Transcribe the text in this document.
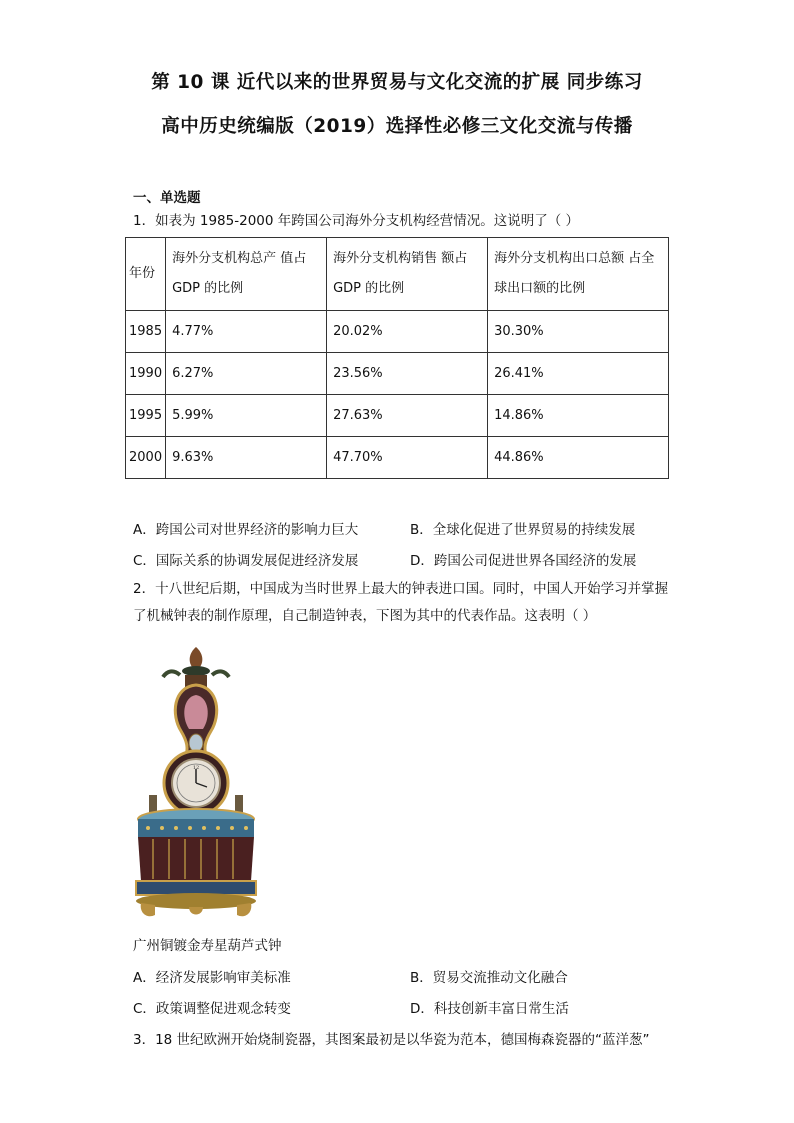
第 10 课 近代以来的世界贸易与文化交流的扩展 同步练习
高中历史统编版（2019）选择性必修三文化交流与传播
一、单选题
1．如表为 1985-2000 年跨国公司海外分支机构经营情况。这说明了（ ）
年份	海外分支机构总产 值占 GDP 的比例	海外分支机构销售 额占 GDP 的比例	海外分支机构出口总额 占全球出口额的比例
1985	4.77%	20.02%	30.30%
1990	6.27%	23.56%	26.41%
1995	5.99%	27.63%	14.86%
2000	9.63%	47.70%	44.86%
A．跨国公司对世界经济的影响力巨大	B．全球化促进了世界贸易的持续发展
C．国际关系的协调发展促进经济发展	D．跨国公司促进世界各国经济的发展
2．十八世纪后期，中国成为当时世界上最大的钟表进口国。同时，中国人开始学习并掌握了机械钟表的制作原理，自己制造钟表，下图为其中的代表作品。这表明（ ）
12
广州铜镀金寿星葫芦式钟
A．经济发展影响审美标准	B．贸易交流推动文化融合
C．政策调整促进观念转变	D．科技创新丰富日常生活
3．18 世纪欧洲开始烧制瓷器，其图案最初是以华瓷为范本，德国梅森瓷器的“蓝洋葱”
